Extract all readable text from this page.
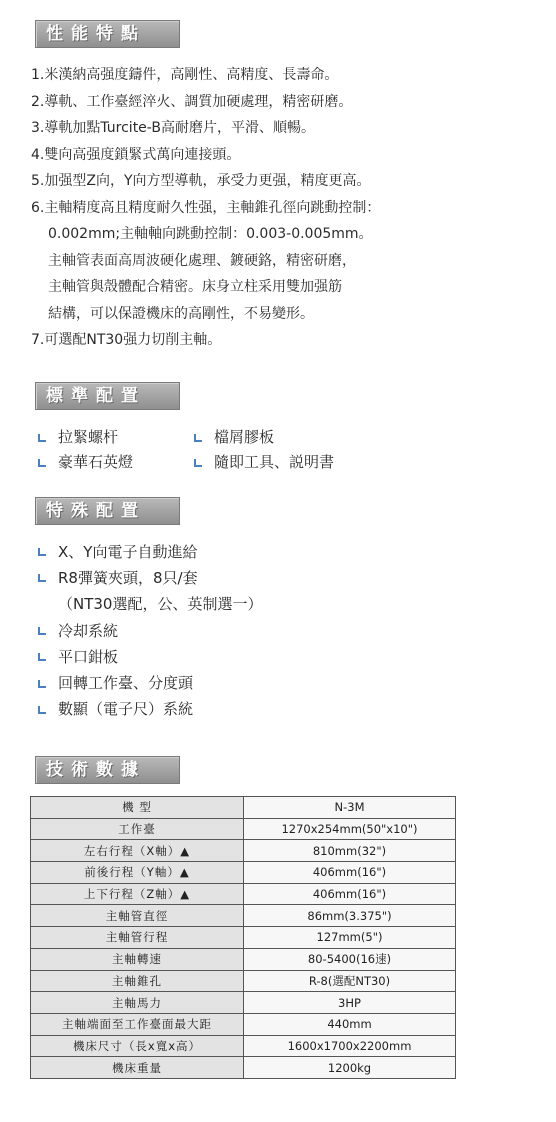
性能特點
1.米漢納高强度鑄件，高剛性、高精度、長壽命。
2.導軌、工作臺經淬火、調質加硬處理，精密研磨。
3.導軌加點Turcite-B高耐磨片，平滑、順暢。
4.雙向高强度鎖緊式萬向連接頭。
5.加强型Z向，Y向方型導軌，承受力更强，精度更高。
6.主軸精度高且精度耐久性强，主軸錐孔徑向跳動控制：
0.002mm;主軸軸向跳動控制：0.003-0.005mm。
主軸管表面高周波硬化處理、鍍硬鉻，精密研磨，
主軸管與殼體配合精密。床身立柱采用雙加强筋
結構，可以保證機床的高剛性，不易變形。
7.可選配NT30强力切削主軸。
標準配置
拉緊螺杆	檔屑膠板
豪華石英燈	隨即工具、説明書
特殊配置
X、Y向電子自動進給
R8彈簧夾頭，8只/套
（NT30選配，公、英制選一）
冷却系統
平口鉗板
回轉工作臺、分度頭
數顯（電子尺）系統
技術數據
機 型	N-3M
工作臺	1270x254mm(50"x10")
左右行程（X軸）▲	810mm(32")
前後行程（Y軸）▲	406mm(16")
上下行程（Z軸）▲	406mm(16")
主軸管直徑	86mm(3.375")
主軸管行程	127mm(5")
主軸轉速	80-5400(16速)
主軸錐孔	R-8(選配NT30)
主軸馬力	3HP
主軸端面至工作臺面最大距	440mm
機床尺寸（長x寬x高）	1600x1700x2200mm
機床重量	1200kg
